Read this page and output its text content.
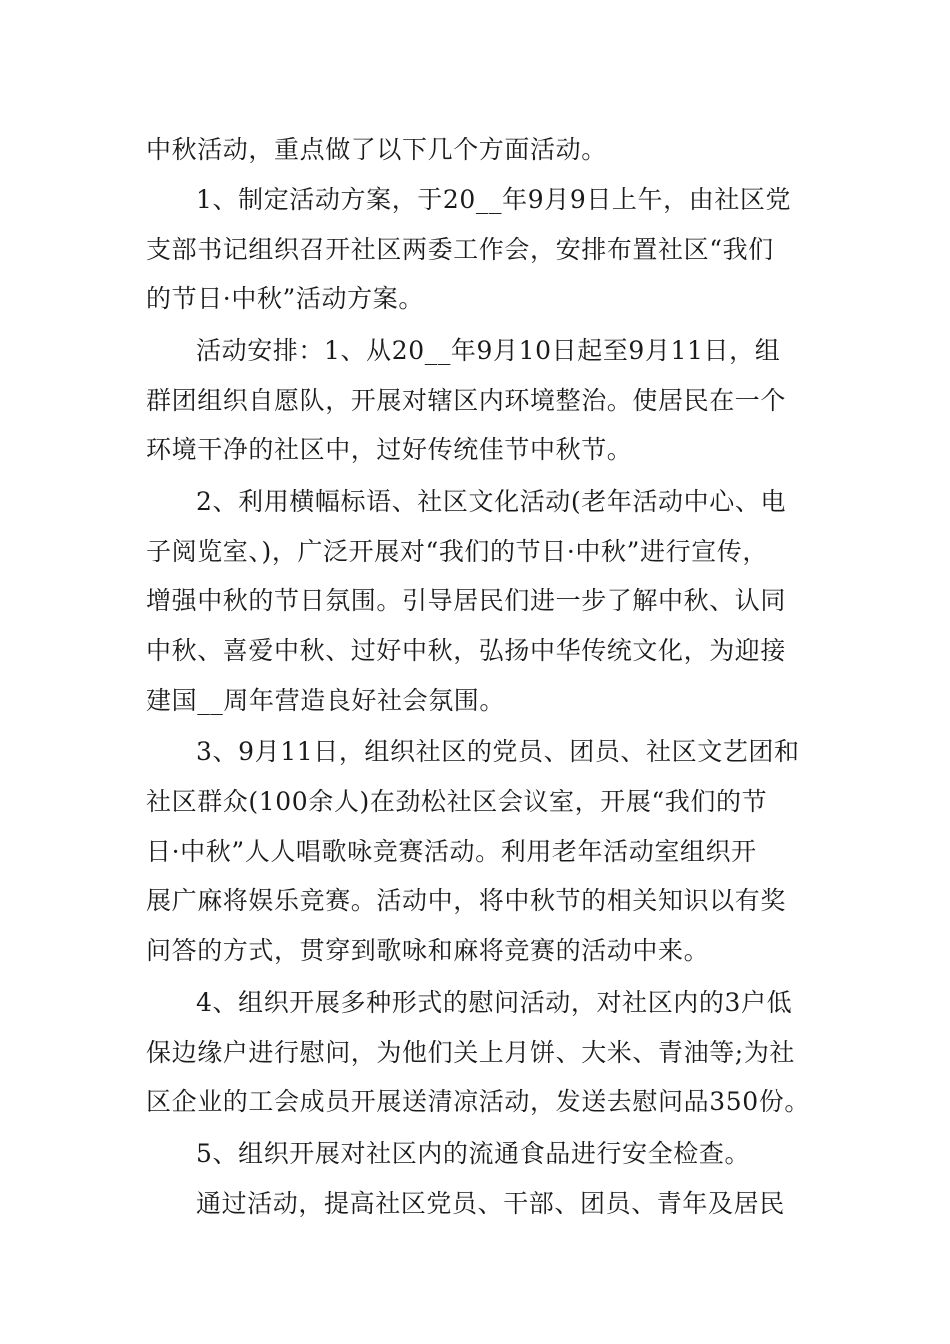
中秋活动，重点做了以下几个方面活动。
1、制定活动方案，于20__年9月9日上午，由社区党
支部书记组织召开社区两委工作会，安排布置社区“我们
的节日·中秋”活动方案。
活动安排：1、从20__年9月10日起至9月11日，组
群团组织自愿队，开展对辖区内环境整治。使居民在一个
环境干净的社区中，过好传统佳节中秋节。
2、利用横幅标语、社区文化活动(老年活动中心、电
子阅览室、)，广泛开展对“我们的节日·中秋”进行宣传，
增强中秋的节日氛围。引导居民们进一步了解中秋、认同
中秋、喜爱中秋、过好中秋，弘扬中华传统文化，为迎接
建国__周年营造良好社会氛围。
3、9月11日，组织社区的党员、团员、社区文艺团和
社区群众(100余人)在劲松社区会议室，开展“我们的节
日·中秋”人人唱歌咏竞赛活动。利用老年活动室组织开
展广麻将娱乐竞赛。活动中，将中秋节的相关知识以有奖
问答的方式，贯穿到歌咏和麻将竞赛的活动中来。
4、组织开展多种形式的慰问活动，对社区内的3户低
保边缘户进行慰问，为他们关上月饼、大米、青油等;为社
区企业的工会成员开展送清凉活动，发送去慰问品350份。
5、组织开展对社区内的流通食品进行安全检查。
通过活动，提高社区党员、干部、团员、青年及居民
